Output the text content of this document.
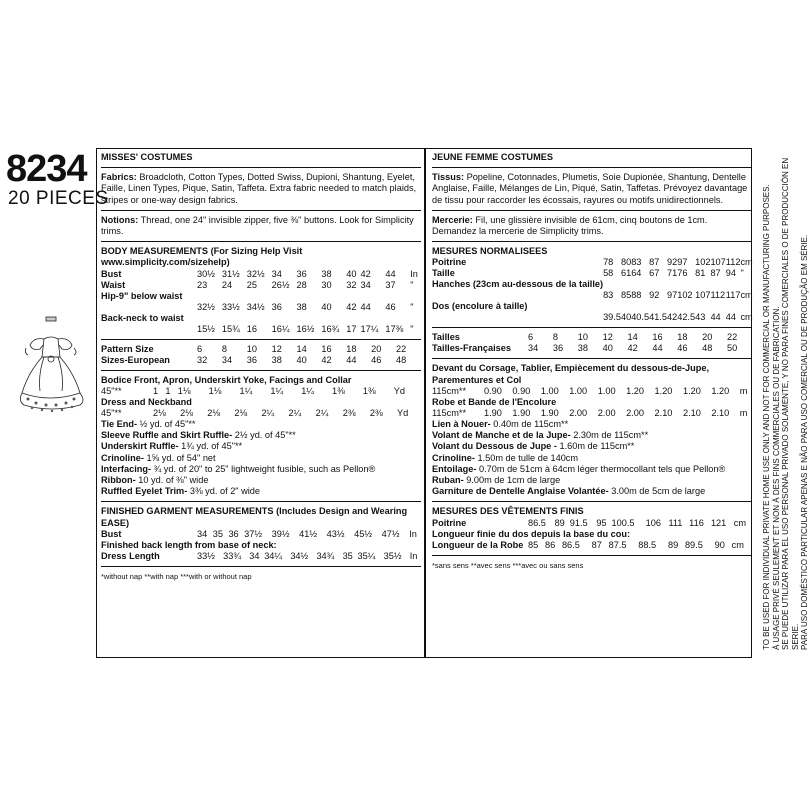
8234
20 PIECES
MISSES' COSTUMES
Fabrics: Broadcloth, Cotton Types, Dotted Swiss, Dupioni, Shantung, Eyelet, Faille, Linen Types, Pique, Satin, Taffeta. Extra fabric needed to match plaids, stripes or one-way design fabrics.
Notions: Thread, one 24" invisible zipper, five ⅜" buttons. Look for Simplicity trims.
BODY MEASUREMENTS (For Sizing Help Visit www.simplicity.com/sizehelp)
Bust	30½	31½	32½	34	36	38	40	42	44	In
Waist	23	24	25	26½	28	30	32	34	37	"
Hip-9" below waist										
	32½	33½	34½	36	38	40	42	44	46	"
Back-neck to waist										
	15½	15¾	16	16¼	16½	16¾	17	17¼	17⅜	"
Pattern Size	6	8	10	12	14	16	18	20	22
Sizes-European	32	34	36	38	40	42	44	46	48
Bodice Front, Apron, Underskirt Yoke, Facings and Collar
45"**	1	1	1⅛	1⅛	1¼	1¼	1¼	1⅜	1⅜	Yd
Dress and Neckband
45"**	2⅛	2⅛	2⅛	2⅛	2¼	2¼	2¼	2⅜	2⅜	Yd
Tie End- ½ yd. of 45"**
Sleeve Ruffle and Skirt Ruffle- 2½ yd. of 45"**
Underskirt Ruffle- 1¾ yd. of 45"**
Crinoline- 1⅝ yd. of 54" net
Interfacing- ¾ yd. of 20" to 25" lightweight fusible, such as Pellon®
Ribbon- 10 yd. of ⅜" wide
Ruffled Eyelet Trim- 3⅜ yd. of 2" wide
FINISHED GARMENT MEASUREMENTS (Includes Design and Wearing EASE)
Bust	34	35	36	37½	39½	41½	43½	45½	47½	In
Finished back length from base of neck:
Dress Length	33½	33¾	34	34¼	34½	34¾	35	35¼	35½	In
*without nap **with nap ***with or without nap
JEUNE FEMME COSTUMES
Tissus: Popeline, Cotonnades, Plumetis, Soie Dupionée, Shantung, Dentelle Anglaise, Faille, Mélanges de Lin, Piqué, Satin, Taffetas. Prévoyez davantage de tissu pour raccorder les écossais, rayures ou motifs unidirectionnels.
Mercerie: Fil, une glissière invisible de 61cm, cinq boutons de 1cm. Demandez la mercerie de Simplicity trims.
MESURES NORMALISEES
Poitrine	78	80	83	87	92	97	102	107	112	cm
Taille	58	61	64	67	71	76	81	87	94	"
Hanches (23cm au-dessous de la taille)										
	83	85	88	92	97	102	107	112	117	cm
Dos (encolure à taille)										
	39.5	40	40.5	41.5	42	42.5	43	44	44	cm
Tailles	6	8	10	12	14	16	18	20	22
Tailles-Françaises	34	36	38	40	42	44	46	48	50
Devant du Corsage, Tablier, Empiècement du dessous-de-Jupe, Parementures et Col
115cm**	0.90	0.90	1.00	1.00	1.00	1.20	1.20	1.20	1.20	m
Robe et Bande de l'Encolure
115cm**	1.90	1.90	1.90	2.00	2.00	2.00	2.10	2.10	2.10	m
Lien à Nouer- 0.40m de 115cm**
Volant de Manche et de la Jupe- 2.30m de 115cm**
Volant du Dessous de Jupe - 1.60m de 115cm**
Crinoline- 1.50m de tulle de 140cm
Entoilage- 0.70m de 51cm à 64cm léger thermocollant tels que Pellon®
Ruban- 9.00m de 1cm de large
Garniture de Dentelle Anglaise Volantée- 3.00m de 5cm de large
MESURES DES VÊTEMENTS FINIS
Poitrine	86.5	89	91.5	95	100.5	106	111	116	121	cm
Longueur finie du dos depuis la base du cou:
Longueur de la Robe	85	86	86.5	87	87.5	88.5	89	89.5	90	cm
*sans sens **avec sens ***avec ou sans sens	TO BE USED FOR INDIVIDUAL PRIVATE HOME USE ONLY AND NOT FOR COMMERCIAL OR MANUFACTURING PURPOSES. À USAGE PRIVÉ SEULEMENT ET NON À DES FINS COMMERCIALES OU DE FABRICATION. SE PUEDE UTILIZAR PARA EL USO PERSONAL PRIVADO SOLAMENTE, Y NO PARA FINES COMERCIALES O DE PRODUCCIÓN EN SERIE. PARA USO DOMÉSTICO PARTICULAR APENAS E NÃO PARA USO COMERCIAL OU DE PRODUÇÃO EM SÉRIE.
